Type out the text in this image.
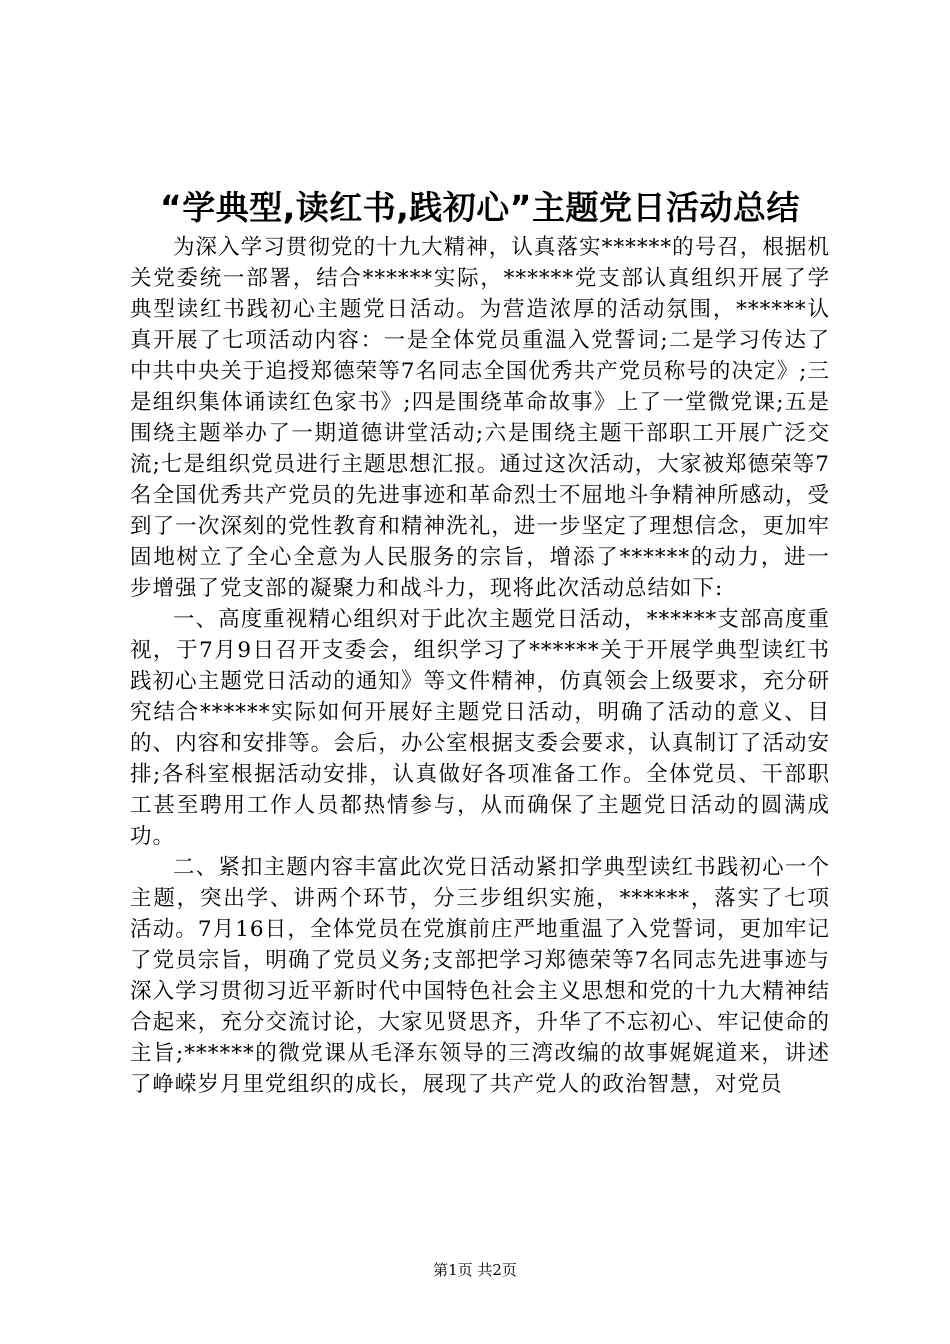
“学典型,读红书,践初心”主题党日活动总结

为深入学习贯彻党的十九大精神，认真落实******的号召，根据机关党委统一部署，结合******实际，******党支部认真组织开展了学典型读红书践初心主题党日活动。为营造浓厚的活动氛围，******认真开展了七项活动内容：一是全体党员重温入党誓词;二是学习传达了中共中央关于追授郑德荣等7名同志全国优秀共产党员称号的决定》;三是组织集体诵读红色家书》;四是围绕革命故事》上了一堂微党课;五是围绕主题举办了一期道德讲堂活动;六是围绕主题干部职工开展广泛交流;七是组织党员进行主题思想汇报。通过这次活动，大家被郑德荣等7名全国优秀共产党员的先进事迹和革命烈士不屈地斗争精神所感动，受到了一次深刻的党性教育和精神洗礼，进一步坚定了理想信念，更加牢固地树立了全心全意为人民服务的宗旨，增添了******的动力，进一步增强了党支部的凝聚力和战斗力，现将此次活动总结如下:

一、高度重视精心组织对于此次主题党日活动，******支部高度重视，于7月9日召开支委会，组织学习了******关于开展学典型读红书践初心主题党日活动的通知》等文件精神，仿真领会上级要求，充分研究结合******实际如何开展好主题党日活动，明确了活动的意义、目的、内容和安排等。会后，办公室根据支委会要求，认真制订了活动安排;各科室根据活动安排，认真做好各项准备工作。全体党员、干部职工甚至聘用工作人员都热情参与，从而确保了主题党日活动的圆满成功。

二、紧扣主题内容丰富此次党日活动紧扣学典型读红书践初心一个主题，突出学、讲两个环节，分三步组织实施，******，落实了七项活动。7月16日，全体党员在党旗前庄严地重温了入党誓词，更加牢记了党员宗旨，明确了党员义务;支部把学习郑德荣等7名同志先进事迹与深入学习贯彻习近平新时代中国特色社会主义思想和党的十九大精神结合起来，充分交流讨论，大家见贤思齐，升华了不忘初心、牢记使命的主旨;******的微党课从毛泽东领导的三湾改编的故事娓娓道来，讲述了峥嵘岁月里党组织的成长，展现了共产党人的政治智慧，对党员

第1页 共2页
